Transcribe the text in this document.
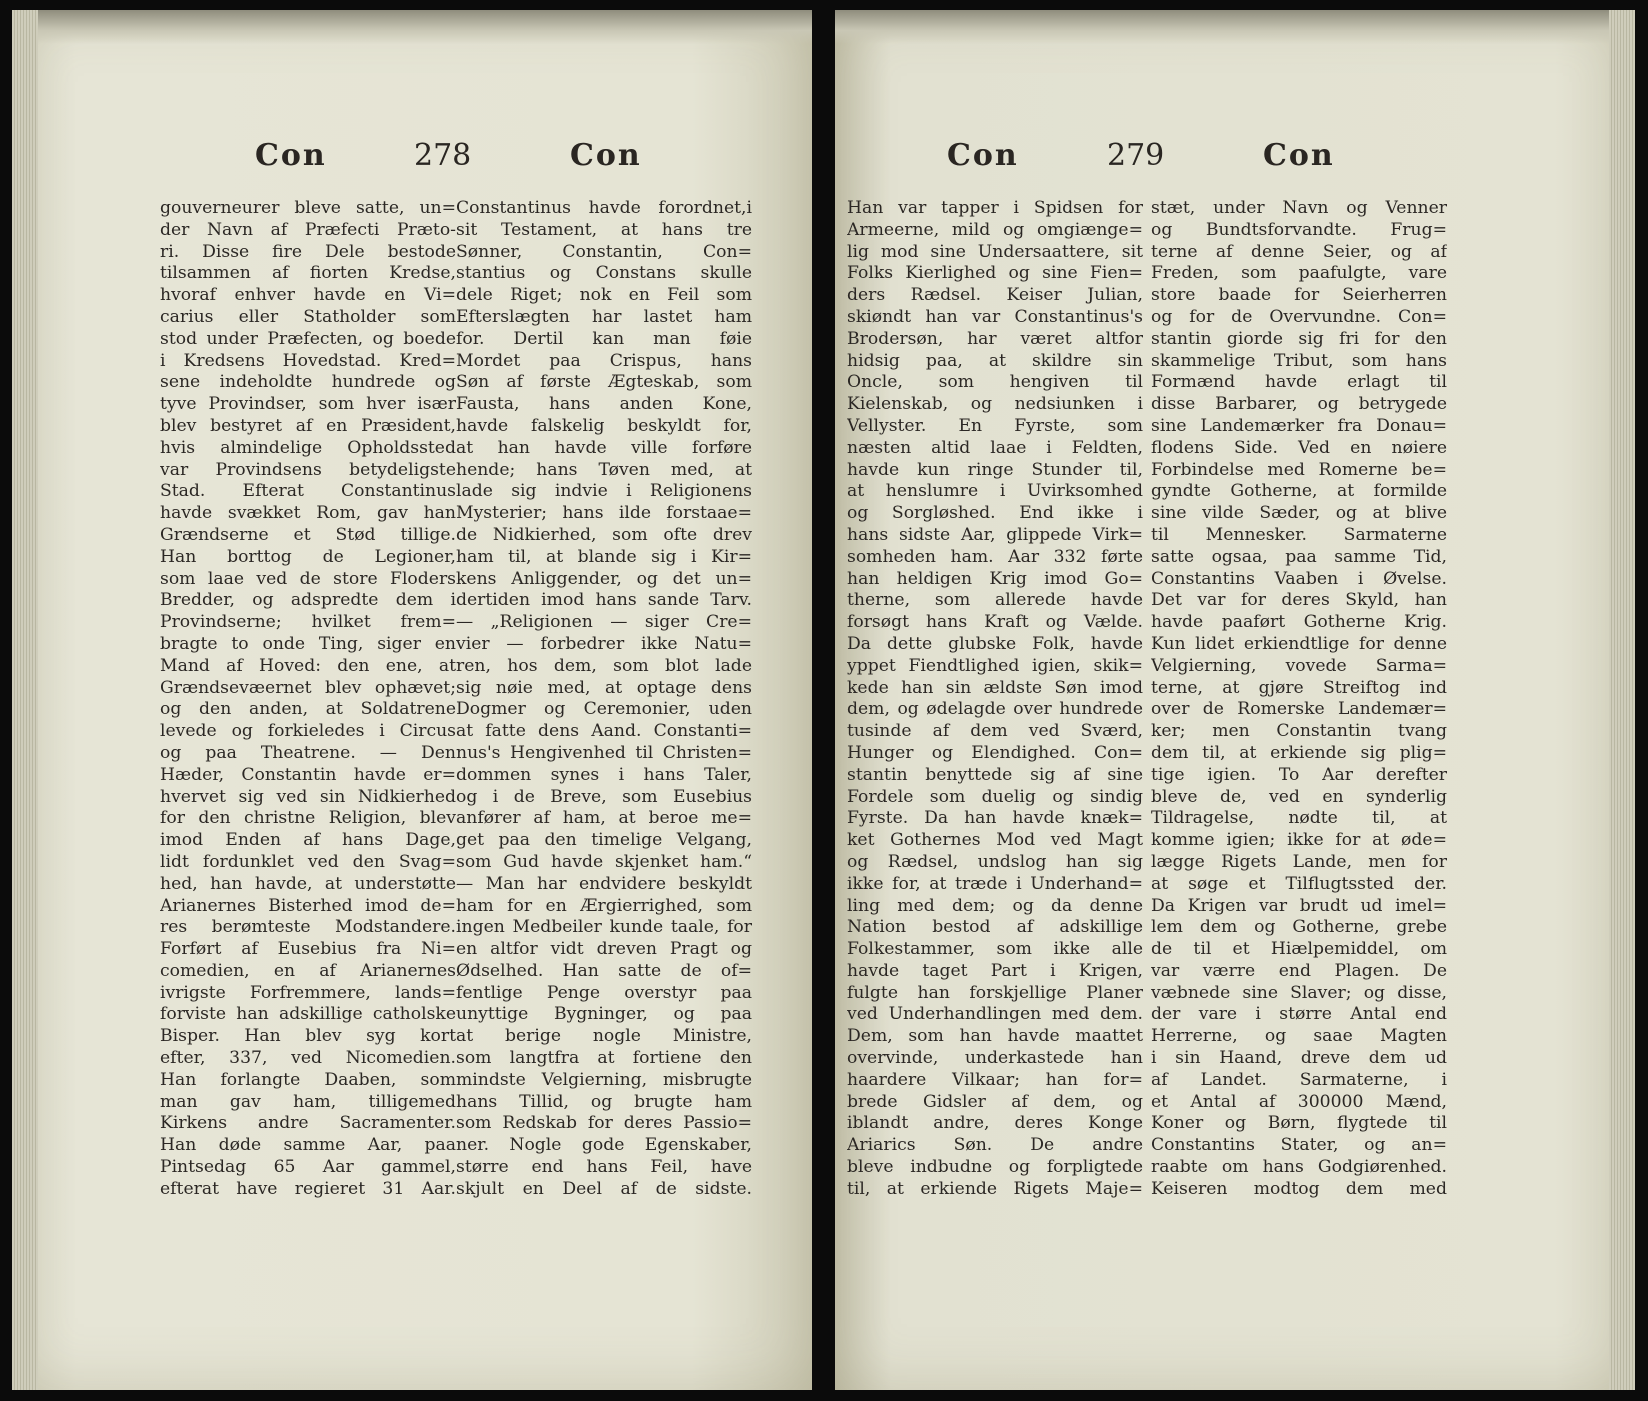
Con	278	Con
gouverneurer bleve satte, un=
der Navn af Præfecti Præto-
ri. Disse fire Dele bestode
tilsammen af fiorten Kredse,
hvoraf enhver havde en Vi=
carius eller Statholder som
stod under Præfecten, og boede
i Kredsens Hovedstad. Kred=
sene indeholdte hundrede og
tyve Provindser, som hver især
blev bestyret af en Præsident,
hvis almindelige Opholdssted
var Provindsens betydeligste
Stad. Efterat Constantinus
havde svækket Rom, gav han
Grændserne et Stød tillige.
Han borttog de Legioner,
som laae ved de store Floders
Bredder, og adspredte dem i
Provindserne; hvilket frem=
bragte to onde Ting, siger en
Mand af Hoved: den ene, at
Grændsevæernet blev ophævet;
og den anden, at Soldatrene
levede og forkieledes i Circus
og paa Theatrene. — Den
Hæder, Constantin havde er=
hvervet sig ved sin Nidkierhed
for den christne Religion, blev
imod Enden af hans Dage,
lidt fordunklet ved den Svag=
hed, han havde, at understøtte
Arianernes Bisterhed imod de=
res berømteste Modstandere.
Forført af Eusebius fra Ni=
comedien, en af Arianernes
ivrigste Forfremmere, lands=
forviste han adskillige catholske
Bisper. Han blev syg kort
efter, 337, ved Nicomedien.
Han forlangte Daaben, som
man gav ham, tilligemed
Kirkens andre Sacramenter.
Han døde samme Aar, paa
Pintsedag 65 Aar gammel,
efterat have regieret 31 Aar.
Constantinus havde forordnet,i
sit Testament, at hans tre
Sønner, Constantin, Con=
stantius og Constans skulle
dele Riget; nok en Feil som
Efterslægten har lastet ham
for. Dertil kan man føie
Mordet paa Crispus, hans
Søn af første Ægteskab, som
Fausta, hans anden Kone,
havde falskelig beskyldt for,
at han havde ville forføre
hende; hans Tøven med, at
lade sig indvie i Religionens
Mysterier; hans ilde forstaae=
de Nidkierhed, som ofte drev
ham til, at blande sig i Kir=
kens Anliggender, og det un=
dertiden imod hans sande Tarv.
— „Religionen — siger Cre=
vier — forbedrer ikke Natu=
ren, hos dem, som blot lade
sig nøie med, at optage dens
Dogmer og Ceremonier, uden
at fatte dens Aand. Constanti=
nus's Hengivenhed til Christen=
dommen synes i hans Taler,
og i de Breve, som Eusebius
anfører af ham, at beroe me=
get paa den timelige Velgang,
som Gud havde skjenket ham.“
— Man har endvidere beskyldt
ham for en Ærgierrighed, som
ingen Medbeiler kunde taale, for
en altfor vidt dreven Pragt og
Ødselhed. Han satte de of=
fentlige Penge overstyr paa
unyttige Bygninger, og paa
at berige nogle Ministre,
som langtfra at fortiene den
mindste Velgierning, misbrugte
hans Tillid, og brugte ham
som Redskab for deres Passio=
ner. Nogle gode Egenskaber,
større end hans Feil, have
skjult en Deel af de sidste.
Con	279	Con
Han var tapper i Spidsen for
Armeerne, mild og omgiænge=
lig mod sine Undersaattere, sit
Folks Kierlighed og sine Fien=
ders Rædsel. Keiser Julian,
skiøndt han var Constantinus's
Brodersøn, har været altfor
hidsig paa, at skildre sin
Oncle, som hengiven til
Kielenskab, og nedsiunken i
Vellyster. En Fyrste, som
næsten altid laae i Feldten,
havde kun ringe Stunder til,
at henslumre i Uvirksomhed
og Sorgløshed. End ikke i
hans sidste Aar, glippede Virk=
somheden ham. Aar 332 førte
han heldigen Krig imod Go=
therne, som allerede havde
forsøgt hans Kraft og Vælde.
Da dette glubske Folk, havde
yppet Fiendtlighed igien, skik=
kede han sin ældste Søn imod
dem, og ødelagde over hundrede
tusinde af dem ved Sværd,
Hunger og Elendighed. Con=
stantin benyttede sig af sine
Fordele som duelig og sindig
Fyrste. Da han havde knæk=
ket Gothernes Mod ved Magt
og Rædsel, undslog han sig
ikke for, at træde i Underhand=
ling med dem; og da denne
Nation bestod af adskillige
Folkestammer, som ikke alle
havde taget Part i Krigen,
fulgte han forskjellige Planer
ved Underhandlingen med dem.
Dem, som han havde maattet
overvinde, underkastede han
haardere Vilkaar; han for=
brede Gidsler af dem, og
iblandt andre, deres Konge
Ariarics Søn. De andre
bleve indbudne og forpligtede
til, at erkiende Rigets Maje=
stæt, under Navn og Venner
og Bundtsforvandte. Frug=
terne af denne Seier, og af
Freden, som paafulgte, vare
store baade for Seierherren
og for de Overvundne. Con=
stantin giorde sig fri for den
skammelige Tribut, som hans
Formænd havde erlagt til
disse Barbarer, og betrygede
sine Landemærker fra Donau=
flodens Side. Ved en nøiere
Forbindelse med Romerne be=
gyndte Gotherne, at formilde
sine vilde Sæder, og at blive
til Mennesker. Sarmaterne
satte ogsaa, paa samme Tid,
Constantins Vaaben i Øvelse.
Det var for deres Skyld, han
havde paaført Gotherne Krig.
Kun lidet erkiendtlige for denne
Velgierning, vovede Sarma=
terne, at gjøre Streiftog ind
over de Romerske Landemær=
ker; men Constantin tvang
dem til, at erkiende sig plig=
tige igien. To Aar derefter
bleve de, ved en synderlig
Tildragelse, nødte til, at
komme igien; ikke for at øde=
lægge Rigets Lande, men for
at søge et Tilflugtssted der.
Da Krigen var brudt ud imel=
lem dem og Gotherne, grebe
de til et Hiælpemiddel, om
var værre end Plagen. De
væbnede sine Slaver; og disse,
der vare i større Antal end
Herrerne, og saae Magten
i sin Haand, dreve dem ud
af Landet. Sarmaterne, i
et Antal af 300000 Mænd,
Koner og Børn, flygtede til
Constantins Stater, og an=
raabte om hans Godgiørenhed.
Keiseren modtog dem med
